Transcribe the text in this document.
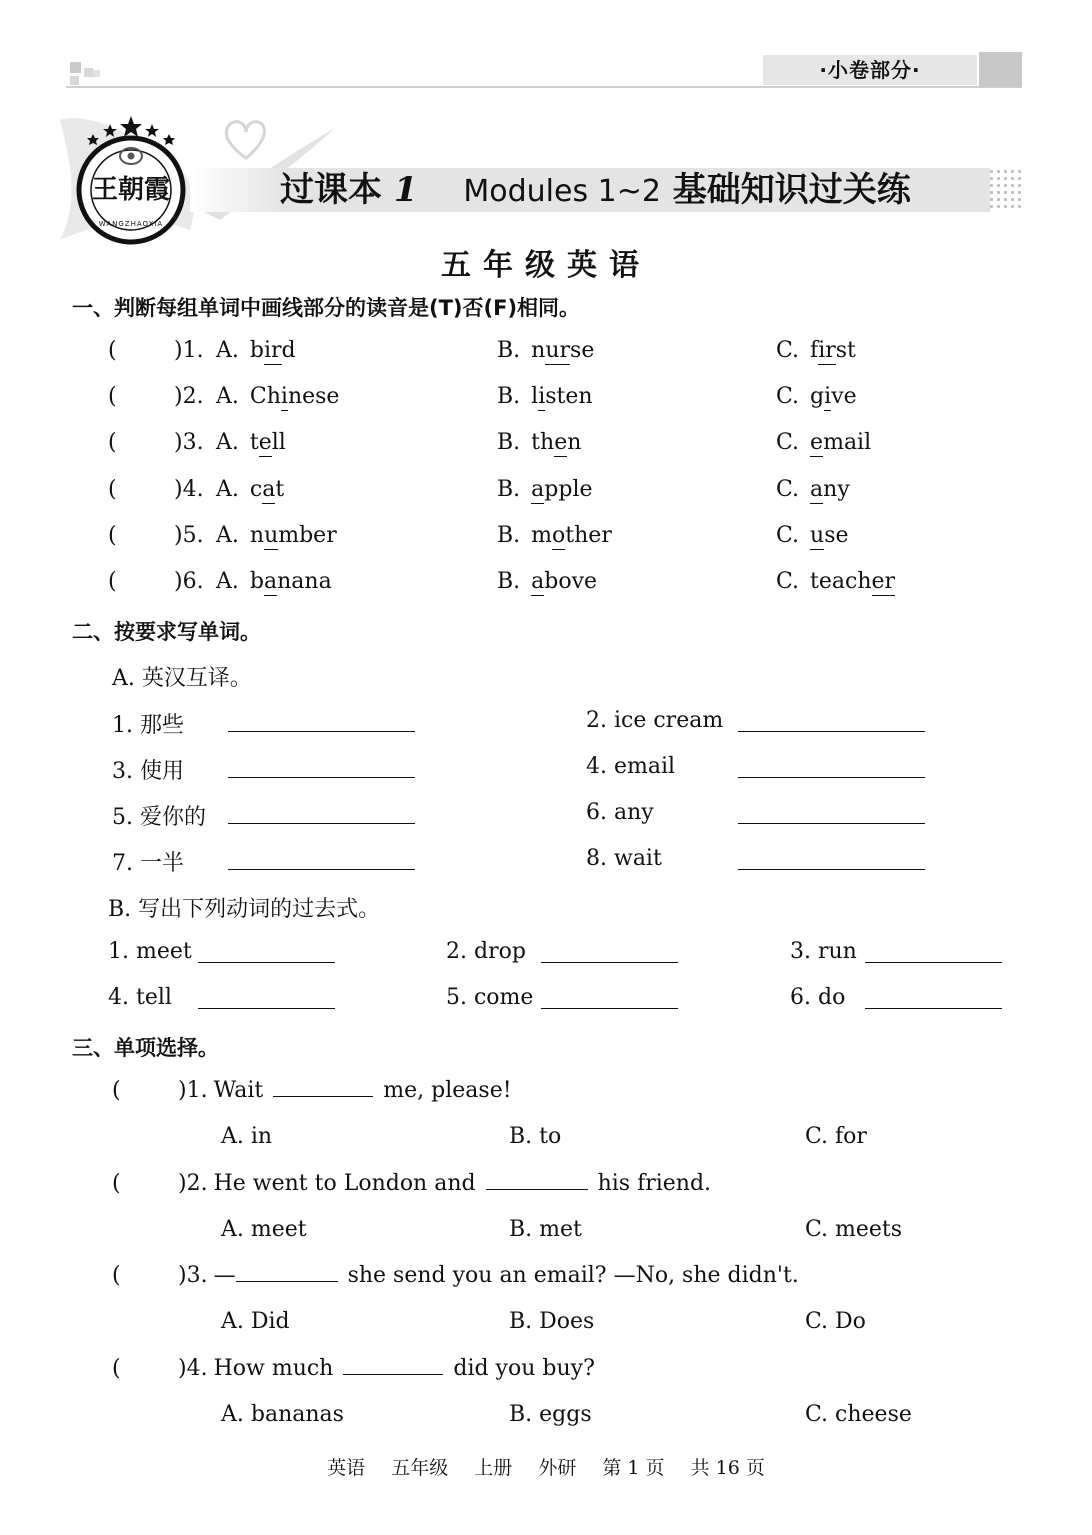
·小卷部分·
王朝霞
WANGZHAOXIA
过课本 1 Modules 1~2 基础知识过关练
五年级英语
一、判断每组单词中画线部分的读音是(T)否(F)相同。
(	)1. A. bird	B. nurse	C. first
(	)2. A. Chinese	B. listen	C. give
(	)3. A. tell	B. then	C. email
(	)4. A. cat	B. apple	C. any
(	)5. A. number	B. mother	C. use
(	)6. A. banana	B. above	C. teacher
二、按要求写单词。
A. 英汉互译。
1. 那些	2. ice cream
3. 使用	4. email
5. 爱你的	6. any
7. 一半	8. wait
B. 写出下列动词的过去式。
1. meet	2. drop	3. run
4. tell	5. come	6. do
三、单项选择。
(	)1. Wait	me, please!
A. in	B. to	C. for
(	)2. He went to London and	his friend.
A. meet	B. met	C. meets
(	)3. —	she send you an email? —No, she didn't.
A. Did	B. Does	C. Do
(	)4. How much	did you buy?
A. bananas	B. eggs	C. cheese
英语 五年级 上册 外研 第 1 页 共 16 页
